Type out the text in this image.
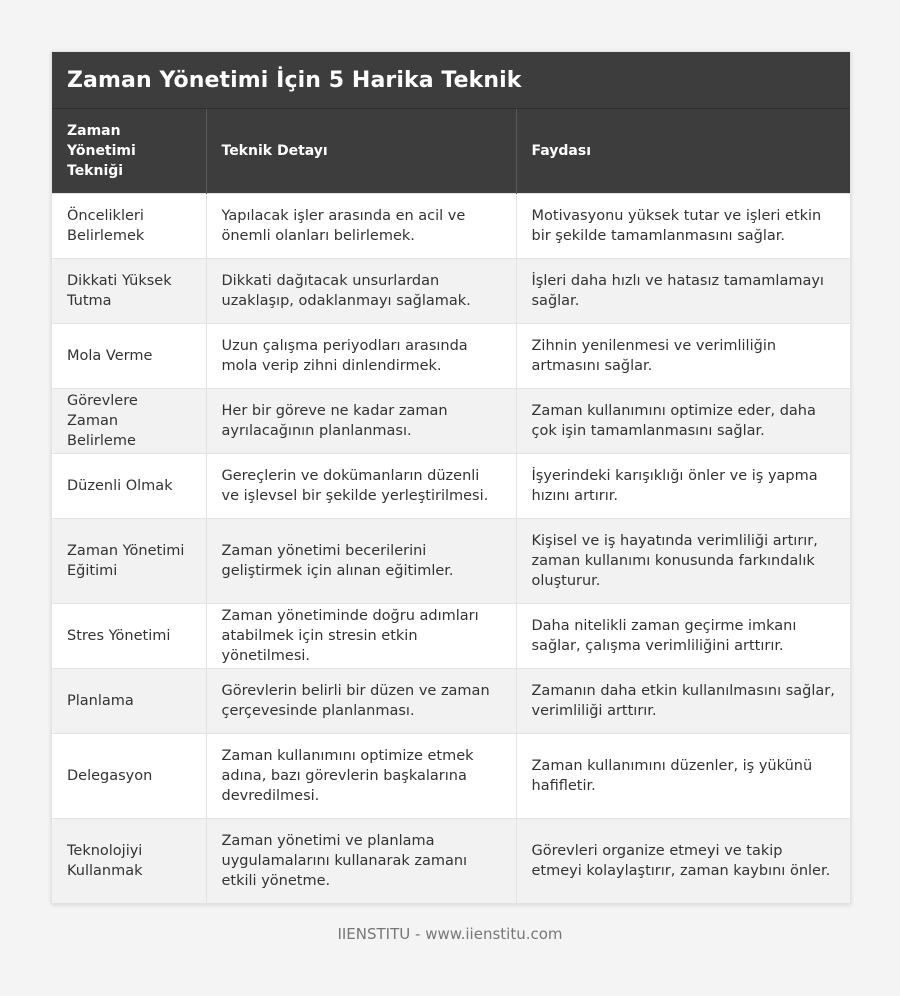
Zaman Yönetimi İçin 5 Harika Teknik
Zaman Yönetimi Tekniği	Teknik Detayı	Faydası
Öncelikleri Belirlemek	Yapılacak işler arasında en acil ve önemli olanları belirlemek.	Motivasyonu yüksek tutar ve işleri etkin bir şekilde tamamlanmasını sağlar.
Dikkati Yüksek Tutma	Dikkati dağıtacak unsurlardan uzaklaşıp, odaklanmayı sağlamak.	İşleri daha hızlı ve hatasız tamamlamayı sağlar.
Mola Verme	Uzun çalışma periyodları arasında mola verip zihni dinlendirmek.	Zihnin yenilenmesi ve verimliliğin artmasını sağlar.
Görevlere Zaman Belirleme	Her bir göreve ne kadar zaman ayrılacağının planlanması.	Zaman kullanımını optimize eder, daha çok işin tamamlanmasını sağlar.
Düzenli Olmak	Gereçlerin ve dokümanların düzenli ve işlevsel bir şekilde yerleştirilmesi.	İşyerindeki karışıklığı önler ve iş yapma hızını artırır.
Zaman Yönetimi Eğitimi	Zaman yönetimi becerilerini geliştirmek için alınan eğitimler.	Kişisel ve iş hayatında verimliliği artırır, zaman kullanımı konusunda farkındalık oluşturur.
Stres Yönetimi	Zaman yönetiminde doğru adımları atabilmek için stresin etkin yönetilmesi.	Daha nitelikli zaman geçirme imkanı sağlar, çalışma verimliliğini arttırır.
Planlama	Görevlerin belirli bir düzen ve zaman çerçevesinde planlanması.	Zamanın daha etkin kullanılmasını sağlar, verimliliği arttırır.
Delegasyon	Zaman kullanımını optimize etmek adına, bazı görevlerin başkalarına devredilmesi.	Zaman kullanımını düzenler, iş yükünü hafifletir.
Teknolojiyi Kullanmak	Zaman yönetimi ve planlama uygulamalarını kullanarak zamanı etkili yönetme.	Görevleri organize etmeyi ve takip etmeyi kolaylaştırır, zaman kaybını önler.
IIENSTITU - www.iienstitu.com
